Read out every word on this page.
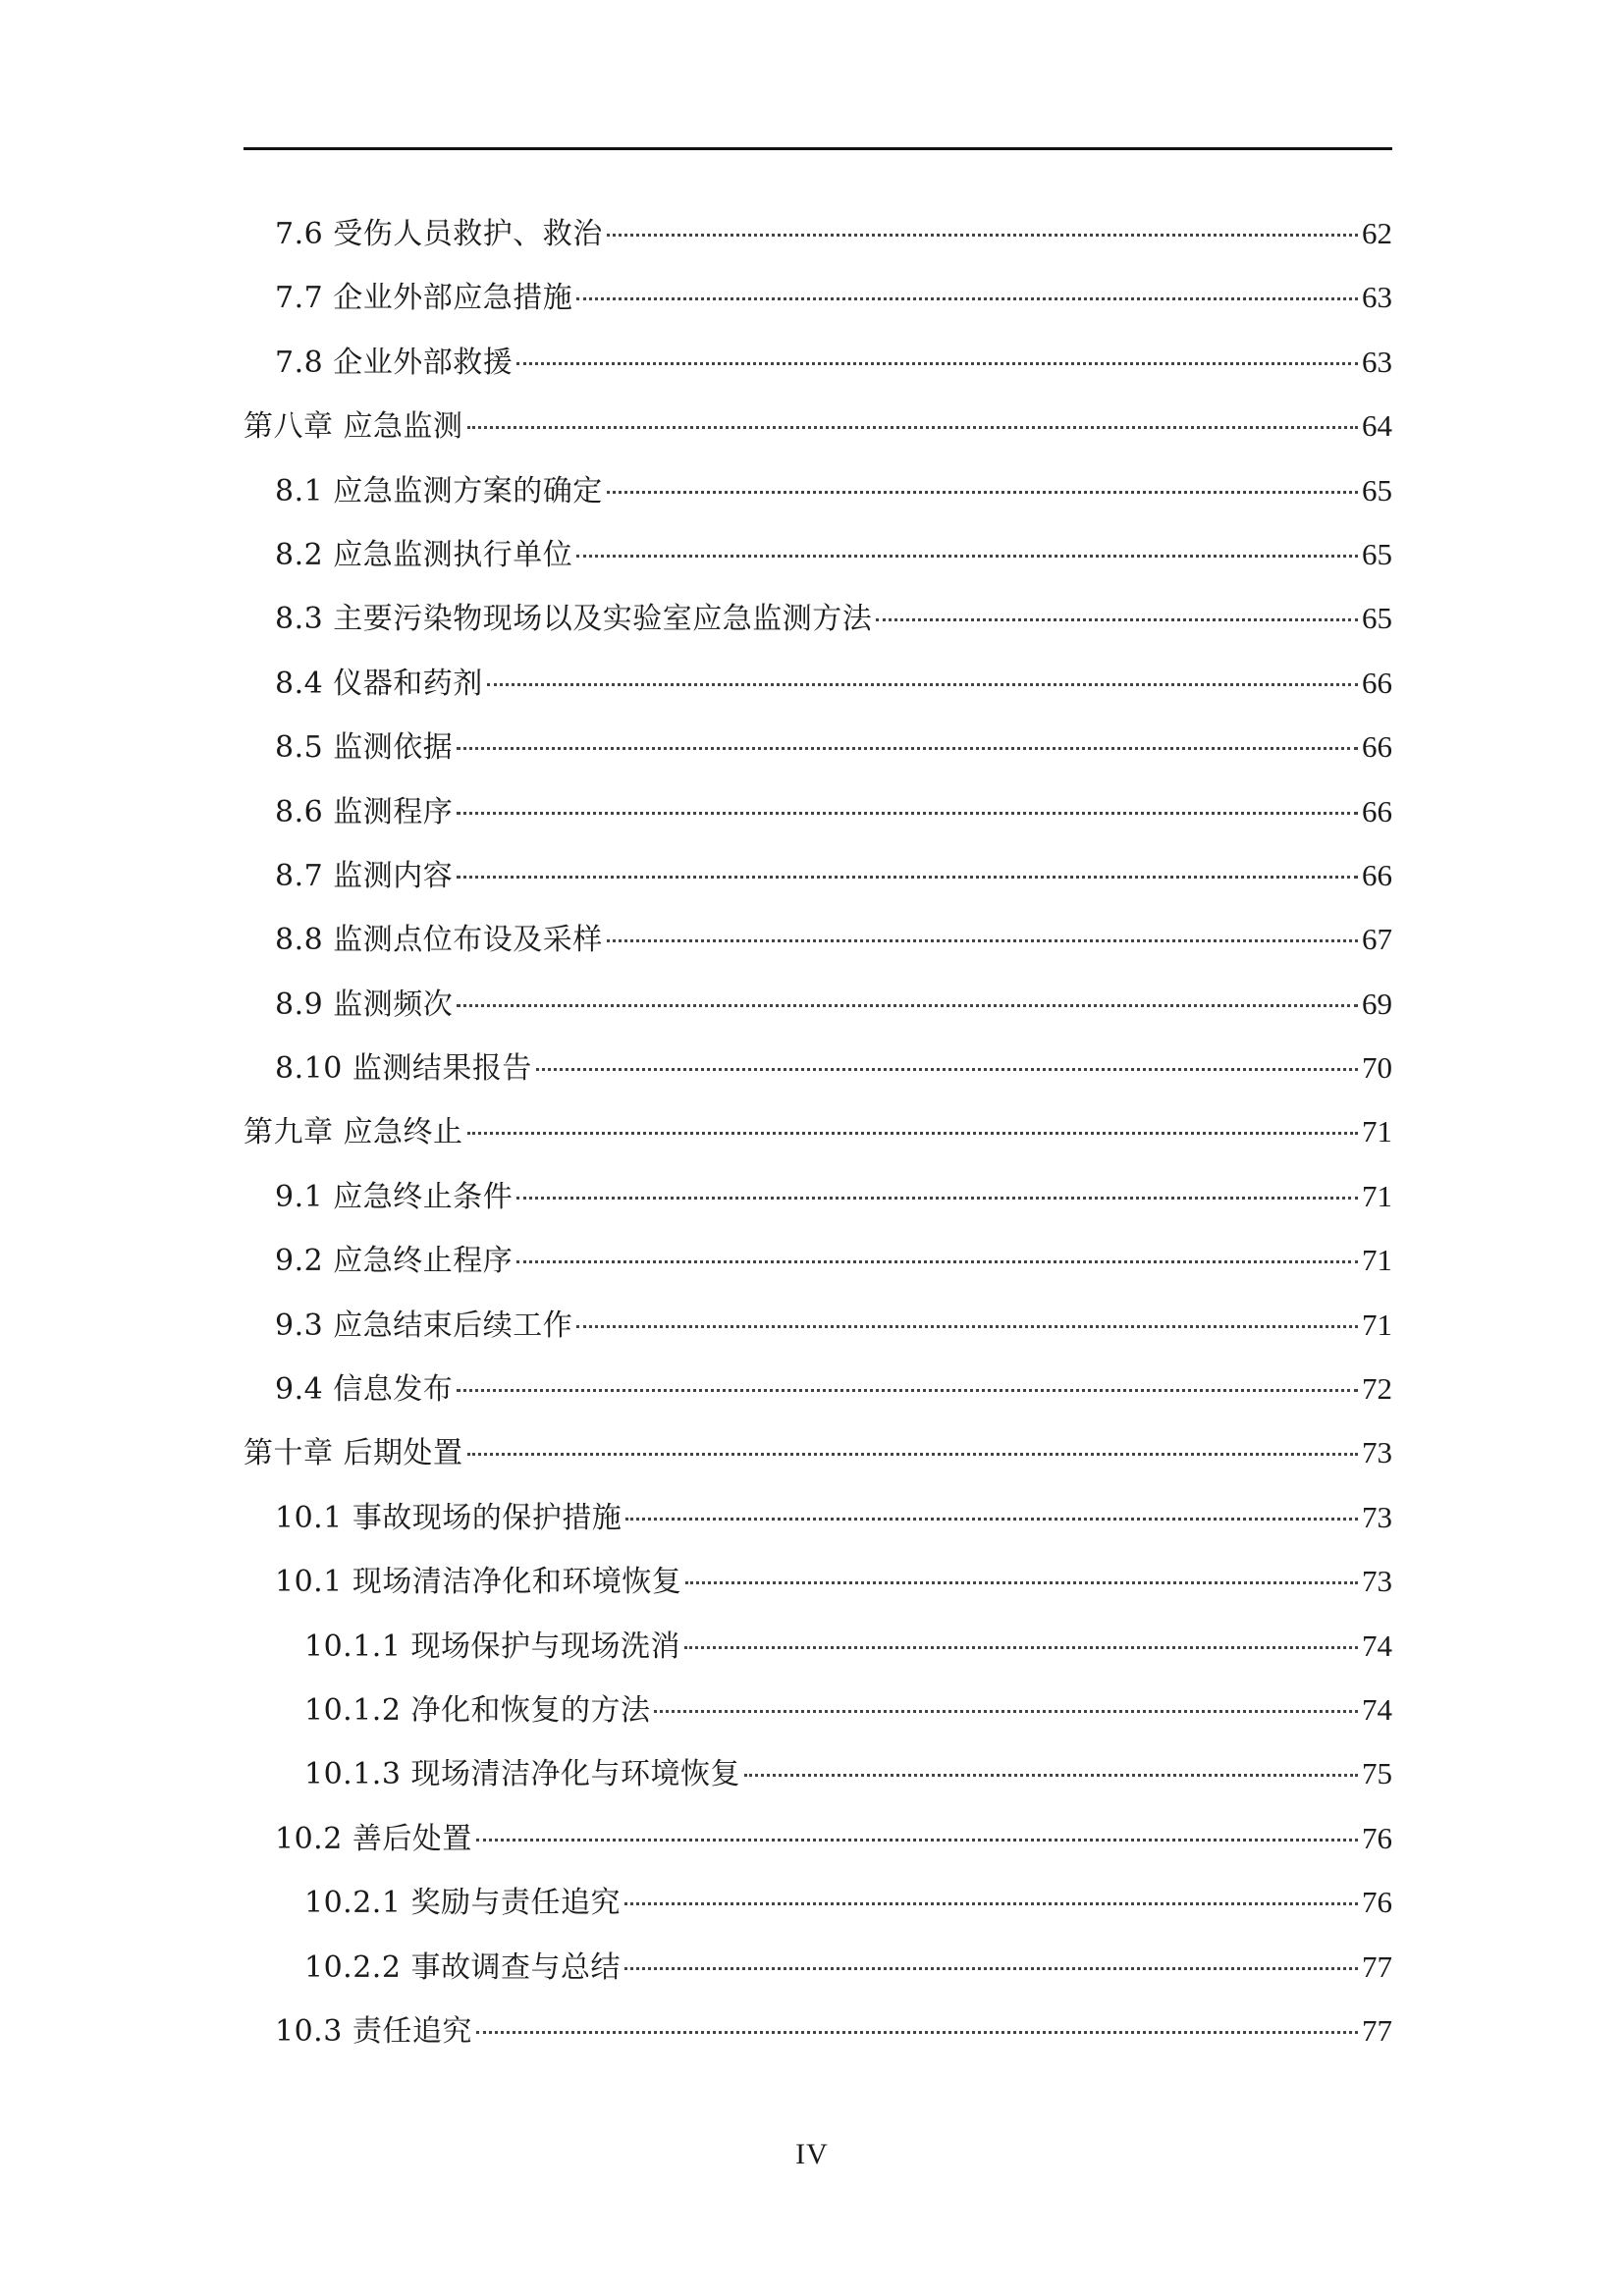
7.6 受伤人员救护、救治	62
7.7 企业外部应急措施	63
7.8 企业外部救援	63
第八章 应急监测	64
8.1 应急监测方案的确定	65
8.2 应急监测执行单位	65
8.3 主要污染物现场以及实验室应急监测方法	65
8.4 仪器和药剂	66
8.5 监测依据	66
8.6 监测程序	66
8.7 监测内容	66
8.8 监测点位布设及采样	67
8.9 监测频次	69
8.10 监测结果报告	70
第九章 应急终止	71
9.1 应急终止条件	71
9.2 应急终止程序	71
9.3 应急结束后续工作	71
9.4 信息发布	72
第十章 后期处置	73
10.1 事故现场的保护措施	73
10.1 现场清洁净化和环境恢复	73
10.1.1 现场保护与现场洗消	74
10.1.2 净化和恢复的方法	74
10.1.3 现场清洁净化与环境恢复	75
10.2 善后处置	76
10.2.1 奖励与责任追究	76
10.2.2 事故调查与总结	77
10.3 责任追究	77
IV
